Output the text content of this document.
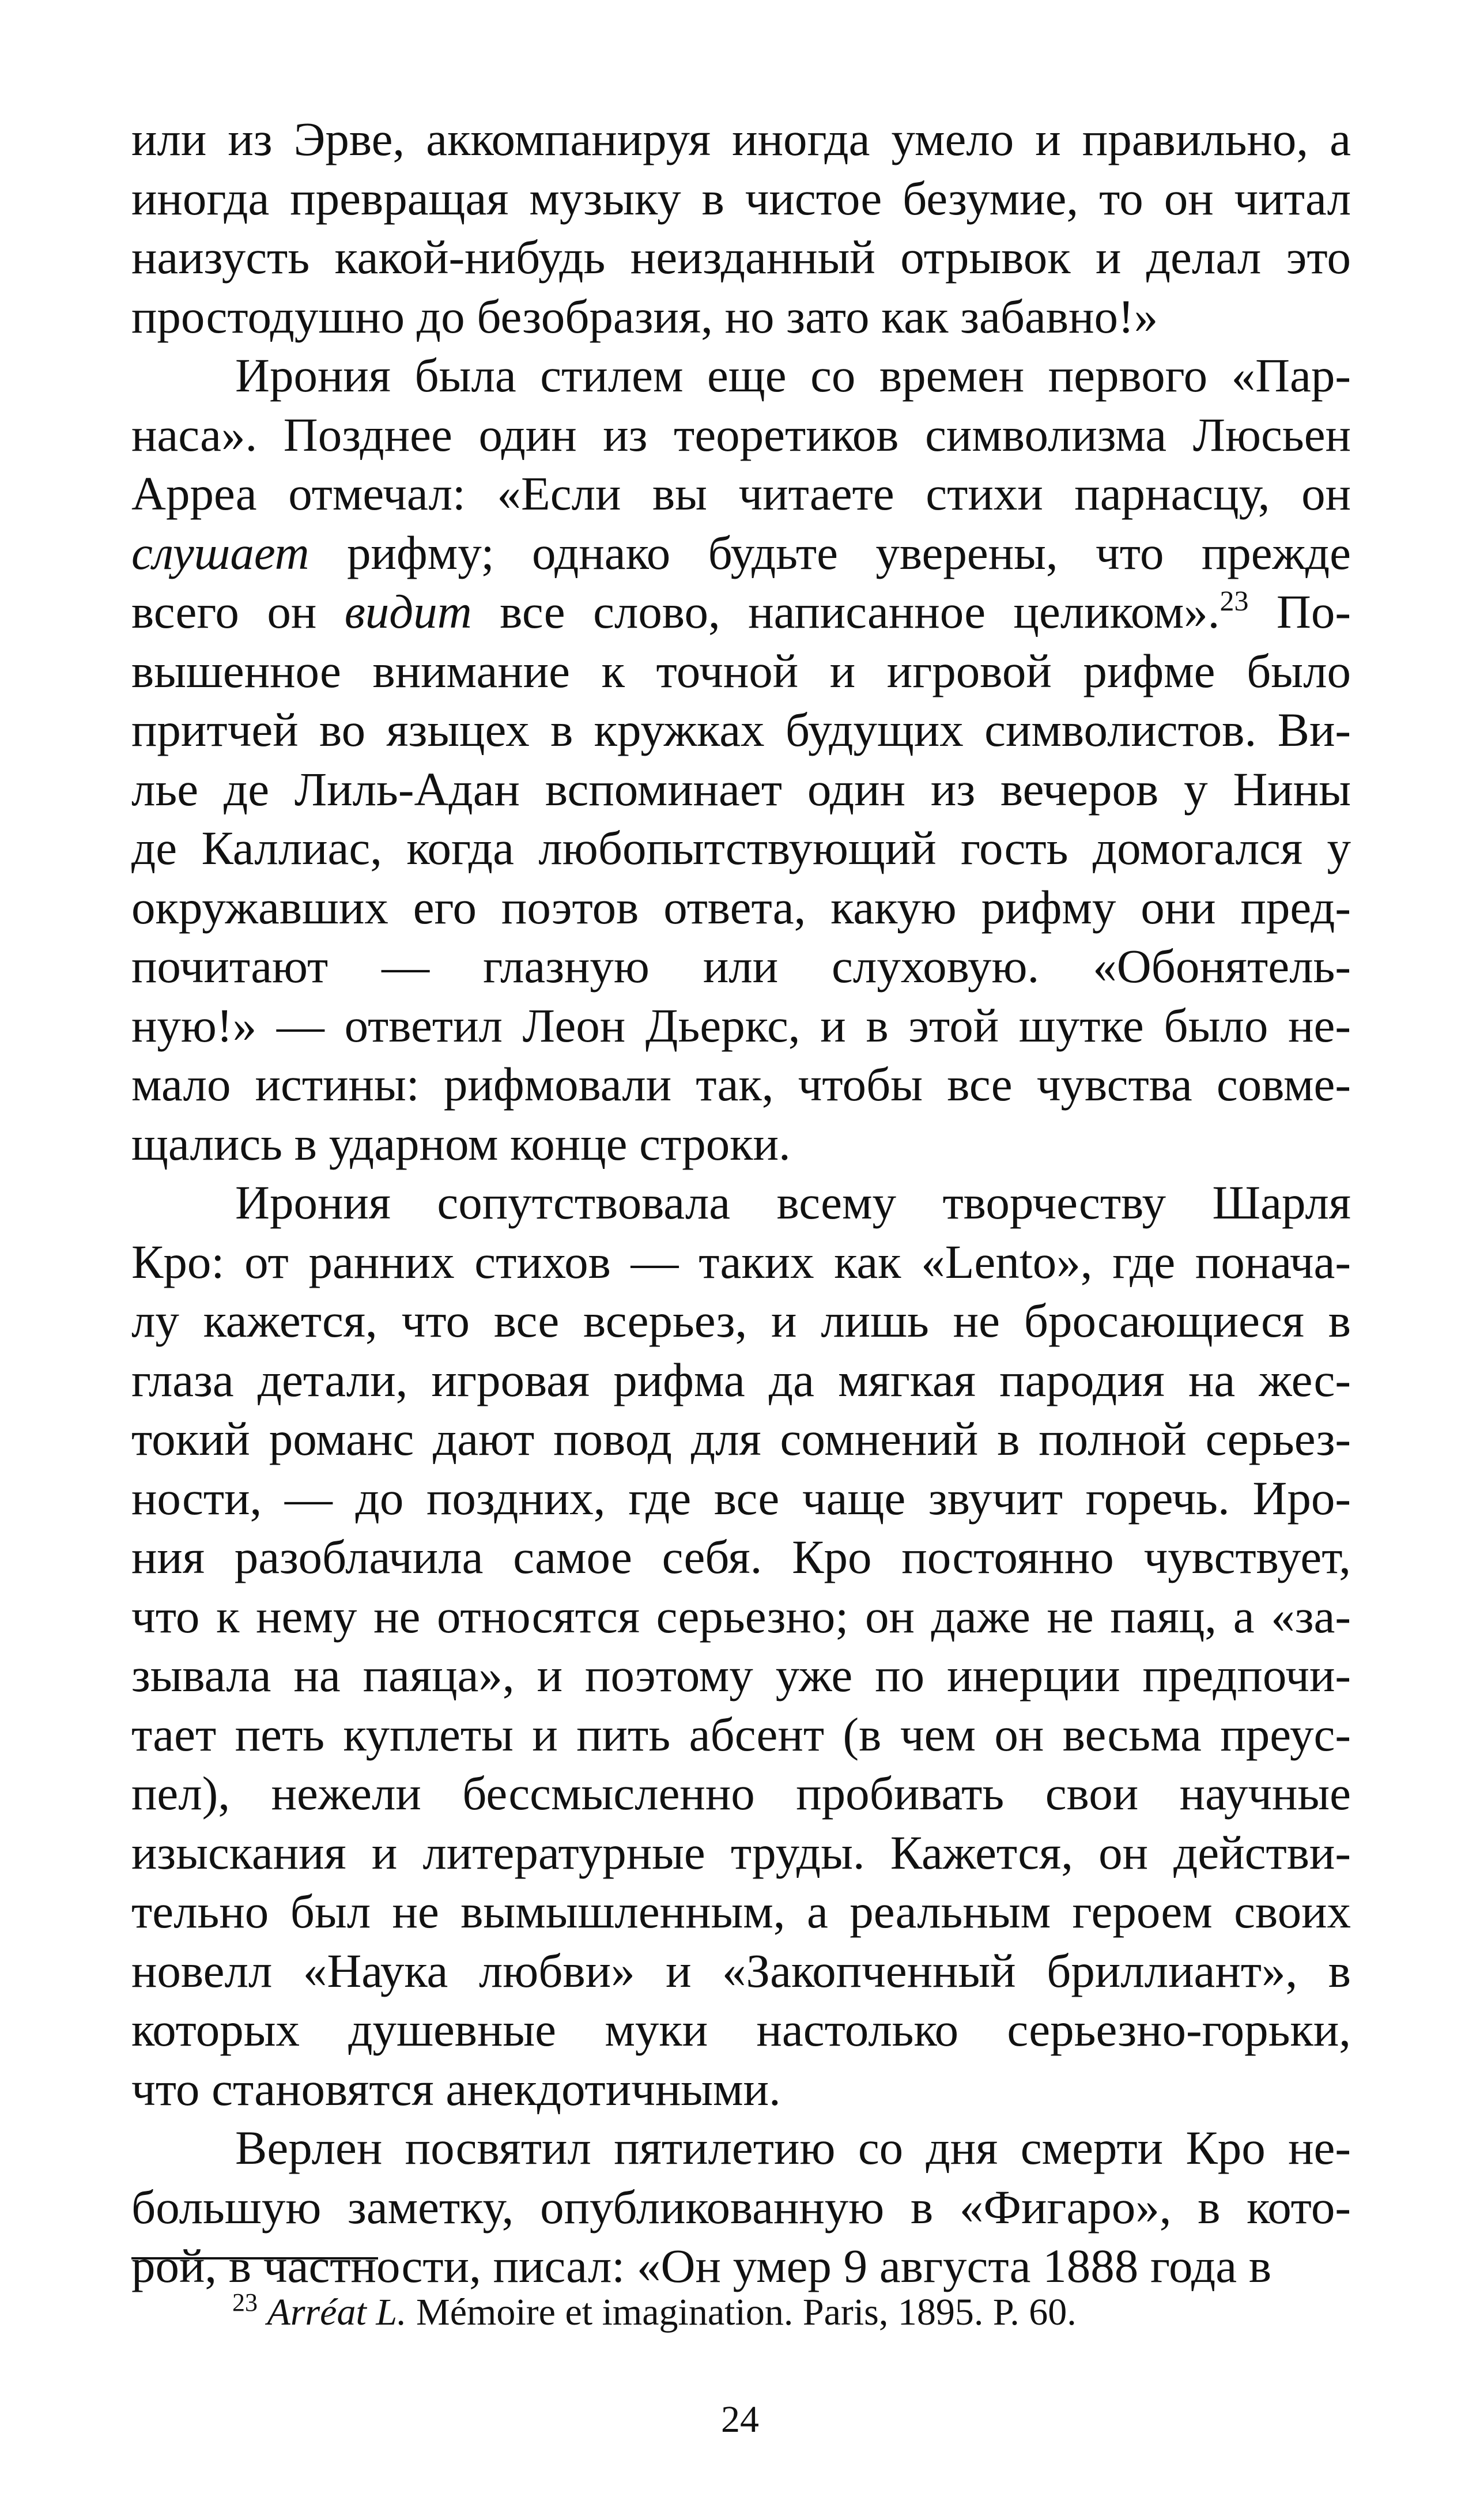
или из Эрве, аккомпанируя иногда умело и правильно, а
иногда превращая музыку в чистое безумие, то он читал
наизусть какой-нибудь неизданный отрывок и делал это
простодушно до безобразия, но зато как забавно!»
Ирония была стилем еще со времен первого «Пар-
наса». Позднее один из теоретиков символизма Люсьен
Арреа отмечал: «Если вы читаете стихи парнасцу, он
слушает рифму; однако будьте уверены, что прежде
всего он видит все слово, написанное целиком».$^{23}$ По-
вышенное внимание к точной и игровой рифме было
притчей во языцех в кружках будущих символистов. Ви-
лье де Лиль-Адан вспоминает один из вечеров у Нины
де Каллиас, когда любопытствующий гость домогался у
окружавших его поэтов ответа, какую рифму они пред-
почитают — глазную или слуховую. «Обонятель-
ную!» — ответил Леон Дьеркс, и в этой шутке было не-
мало истины: рифмовали так, чтобы все чувства совме-
щались в ударном конце строки.
Ирония сопутствовала всему творчеству Шарля
Кро: от ранних стихов — таких как «Lento», где понача-
лу кажется, что все всерьез, и лишь не бросающиеся в
глаза детали, игровая рифма да мягкая пародия на жес-
токий романс дают повод для сомнений в полной серьез-
ности, — до поздних, где все чаще звучит горечь. Иро-
ния разоблачила самое себя. Кро постоянно чувствует,
что к нему не относятся серьезно; он даже не паяц, а «за-
зывала на паяца», и поэтому уже по инерции предпочи-
тает петь куплеты и пить абсент (в чем он весьма преус-
пел), нежели бессмысленно пробивать свои научные
изыскания и литературные труды. Кажется, он действи-
тельно был не вымышленным, а реальным героем своих
новелл «Наука любви» и «Закопченный бриллиант», в
которых душевные муки настолько серьезно-горьки,
что становятся анекдотичными.
Верлен посвятил пятилетию со дня смерти Кро не-
большую заметку, опубликованную в «Фигаро», в кото-
рой, в частности, писал: «Он умер 9 августа 1888 года в
$^{23}$ Arréat L. Mémoire et imagination. Paris, 1895. P. 60.
24
